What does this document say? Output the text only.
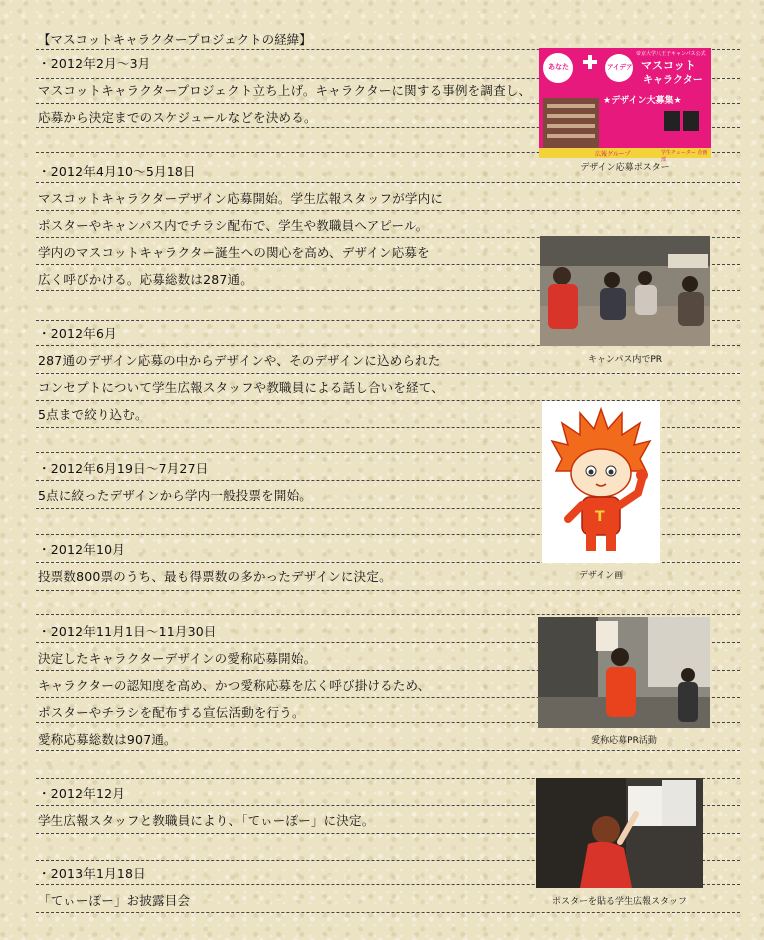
【マスコットキャラクタープロジェクトの経緯】
・2012年2月～3月
マスコットキャラクタープロジェクト立ち上げ。キャラクターに関する事例を調査し、
応募から決定までのスケジュールなどを決める。
・2012年4月10～5月18日
マスコットキャラクターデザイン応募開始。学生広報スタッフが学内に
ポスターやキャンパス内でチラシ配布で、学生や教職員へアピール。
学内のマスコットキャラクター誕生への関心を高め、デザイン応募を
広く呼びかける。応募総数は287通。
・2012年6月
287通のデザイン応募の中からデザインや、そのデザインに込められた
コンセプトについて学生広報スタッフや教職員による話し合いを経て、
5点まで絞り込む。
・2012年6月19日～7月27日
5点に絞ったデザインから学内一般投票を開始。
・2012年10月
投票数800票のうち、最も得票数の多かったデザインに決定。
・2012年11月1日～11月30日
決定したキャラクターデザインの愛称応募開始。
キャラクターの認知度を高め、かつ愛称応募を広く呼び掛けるため、
ポスターやチラシを配布する宣伝活動を行う。
愛称応募総数は907通。
・2012年12月
学生広報スタッフと教職員により、「てぃーぽー」に決定。
・2013年1月18日
「てぃーぽー」お披露目会
あなた	アイデア
帝京大学八王子キャンパス公式
マスコット
キャラクター
★デザイン大募集★
広報グループ	学生チューター 企画部
デザイン応募ポスター
キャンパス内でPR
T
デザイン画
愛称応募PR活動
ポスターを貼る学生広報スタッフ
